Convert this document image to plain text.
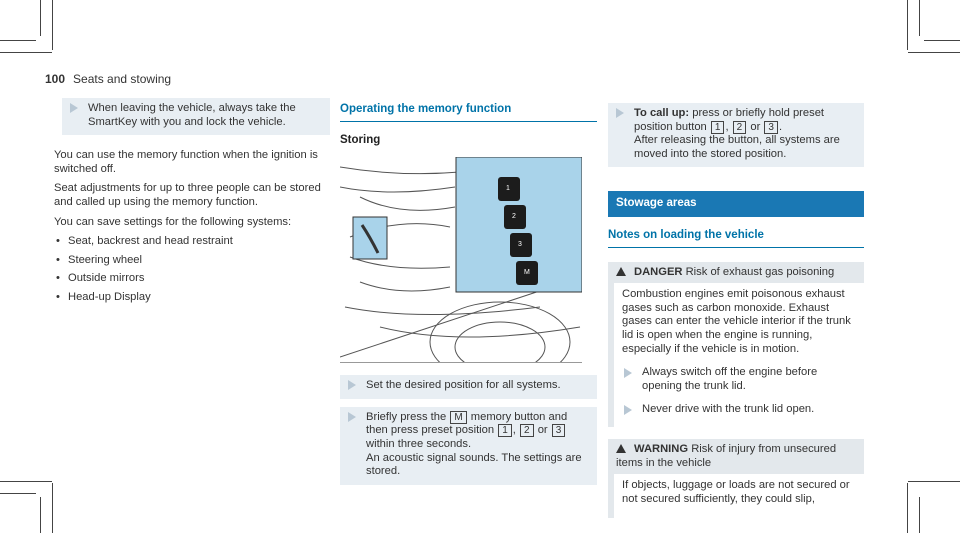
100 Seats and stowing
When leaving the vehicle, always take the SmartKey with you and lock the vehicle.

You can use the memory function when the ignition is switched off.

Seat adjustments for up to three people can be stored and called up using the memory function.

You can save settings for the following systems:

• Seat, backrest and head restraint
• Steering wheel
• Outside mirrors
• Head-up Display
Operating the memory function
Storing
1
2
3
M
Set the desired position for all systems.
Briefly press the M memory button and then press preset position 1 , 2 or 3 within three seconds.
An acoustic signal sounds. The settings are stored.
To call up: press or briefly hold preset position button 1 , 2 or 3 .
After releasing the button, all systems are moved into the stored position.
Stowage areas
Notes on loading the vehicle
DANGER Risk of exhaust gas poisoning

Combustion engines emit poisonous exhaust gases such as carbon monoxide. Exhaust gases can enter the vehicle interior if the trunk lid is open when the engine is running, especially if the vehicle is in motion.

Always switch off the engine before opening the trunk lid.
Never drive with the trunk lid open.
WARNING Risk of injury from unsecured items in the vehicle

If objects, luggage or loads are not secured or not secured sufficiently, they could slip,
